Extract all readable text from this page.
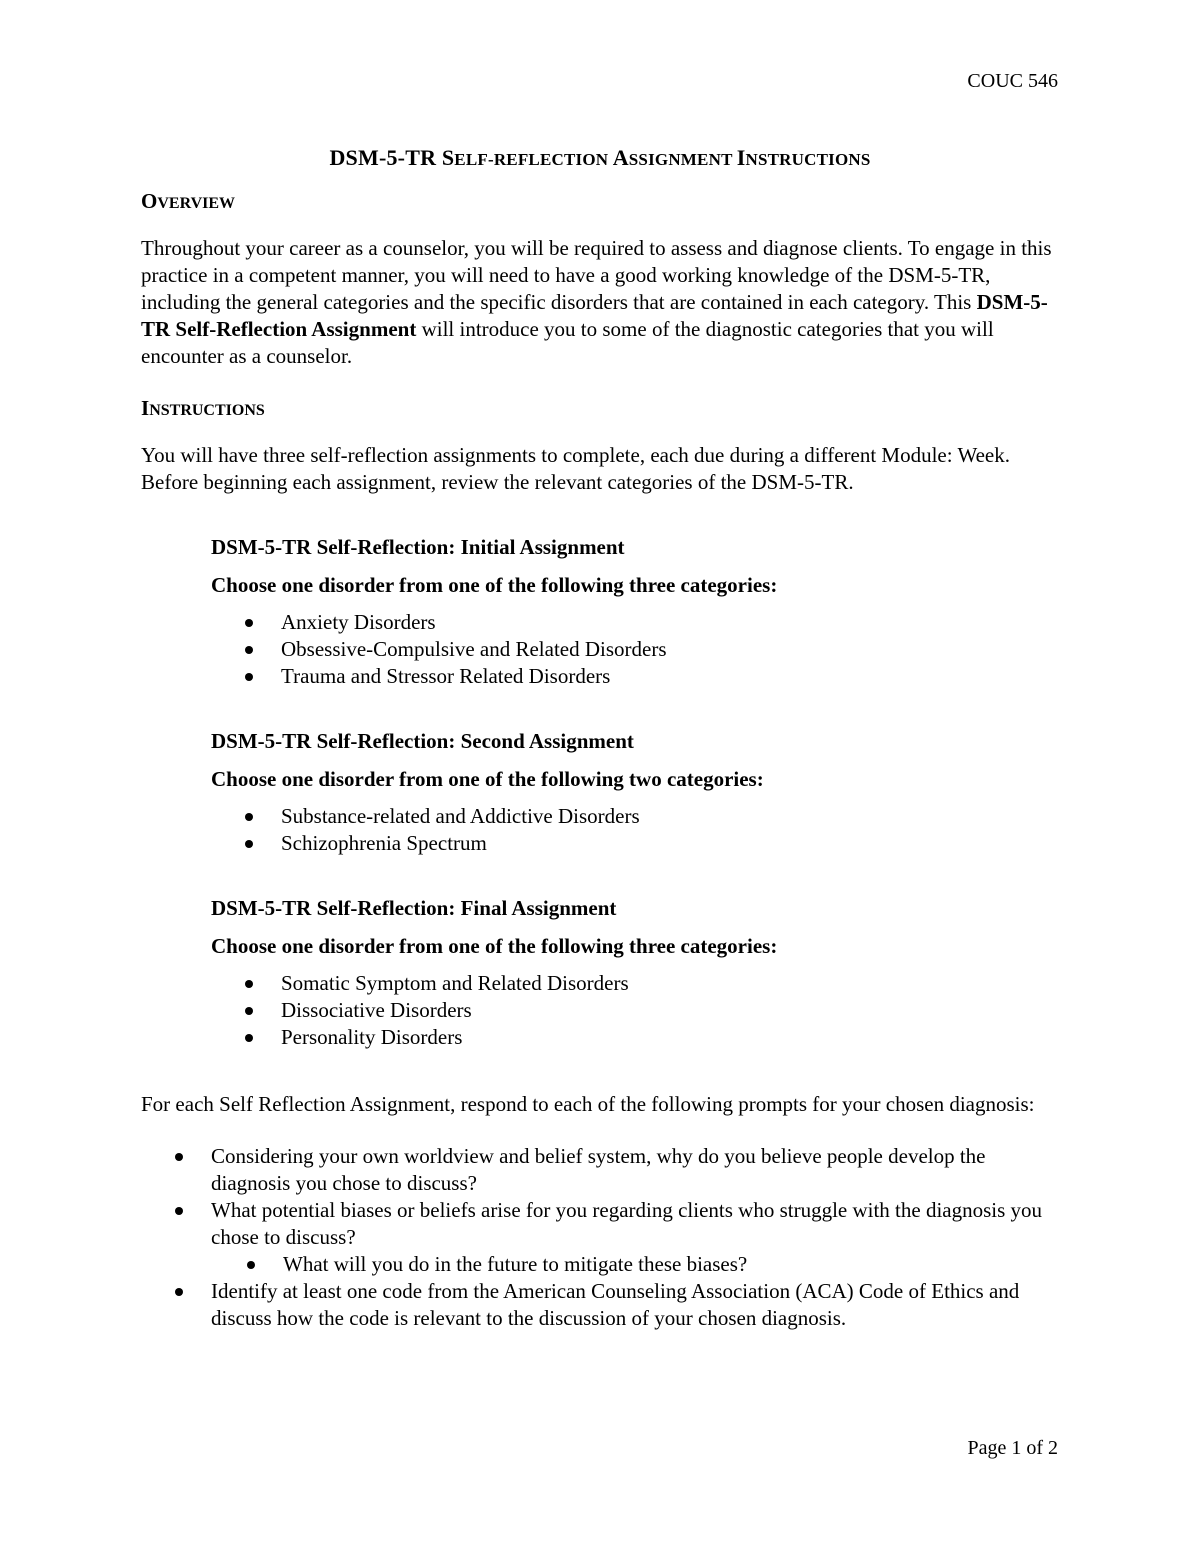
COUC 546
DSM-5-TR SELF-REFLECTION ASSIGNMENT INSTRUCTIONS
OVERVIEW

Throughout your career as a counselor, you will be required to assess and diagnose clients. To engage in this practice in a competent manner, you will need to have a good working knowledge of the DSM-5-TR, including the general categories and the specific disorders that are contained in each category. This DSM-5-TR Self-Reflection Assignment will introduce you to some of the diagnostic categories that you will encounter as a counselor.

INSTRUCTIONS

You will have three self-reflection assignments to complete, each due during a different Module: Week. Before beginning each assignment, review the relevant categories of the DSM-5-TR.

DSM-5-TR Self-Reflection: Initial Assignment
Choose one disorder from one of the following three categories:
Anxiety Disorders
Obsessive-Compulsive and Related Disorders
Trauma and Stressor Related Disorders
DSM-5-TR Self-Reflection: Second Assignment
Choose one disorder from one of the following two categories:
Substance-related and Addictive Disorders
Schizophrenia Spectrum
DSM-5-TR Self-Reflection: Final Assignment
Choose one disorder from one of the following three categories:
Somatic Symptom and Related Disorders
Dissociative Disorders
Personality Disorders

For each Self Reflection Assignment, respond to each of the following prompts for your chosen diagnosis:

Considering your own worldview and belief system, why do you believe people develop the diagnosis you chose to discuss?
What potential biases or beliefs arise for you regarding clients who struggle with the diagnosis you chose to discuss?
What will you do in the future to mitigate these biases?
Identify at least one code from the American Counseling Association (ACA) Code of Ethics and discuss how the code is relevant to the discussion of your chosen diagnosis.
Page 1 of 2
